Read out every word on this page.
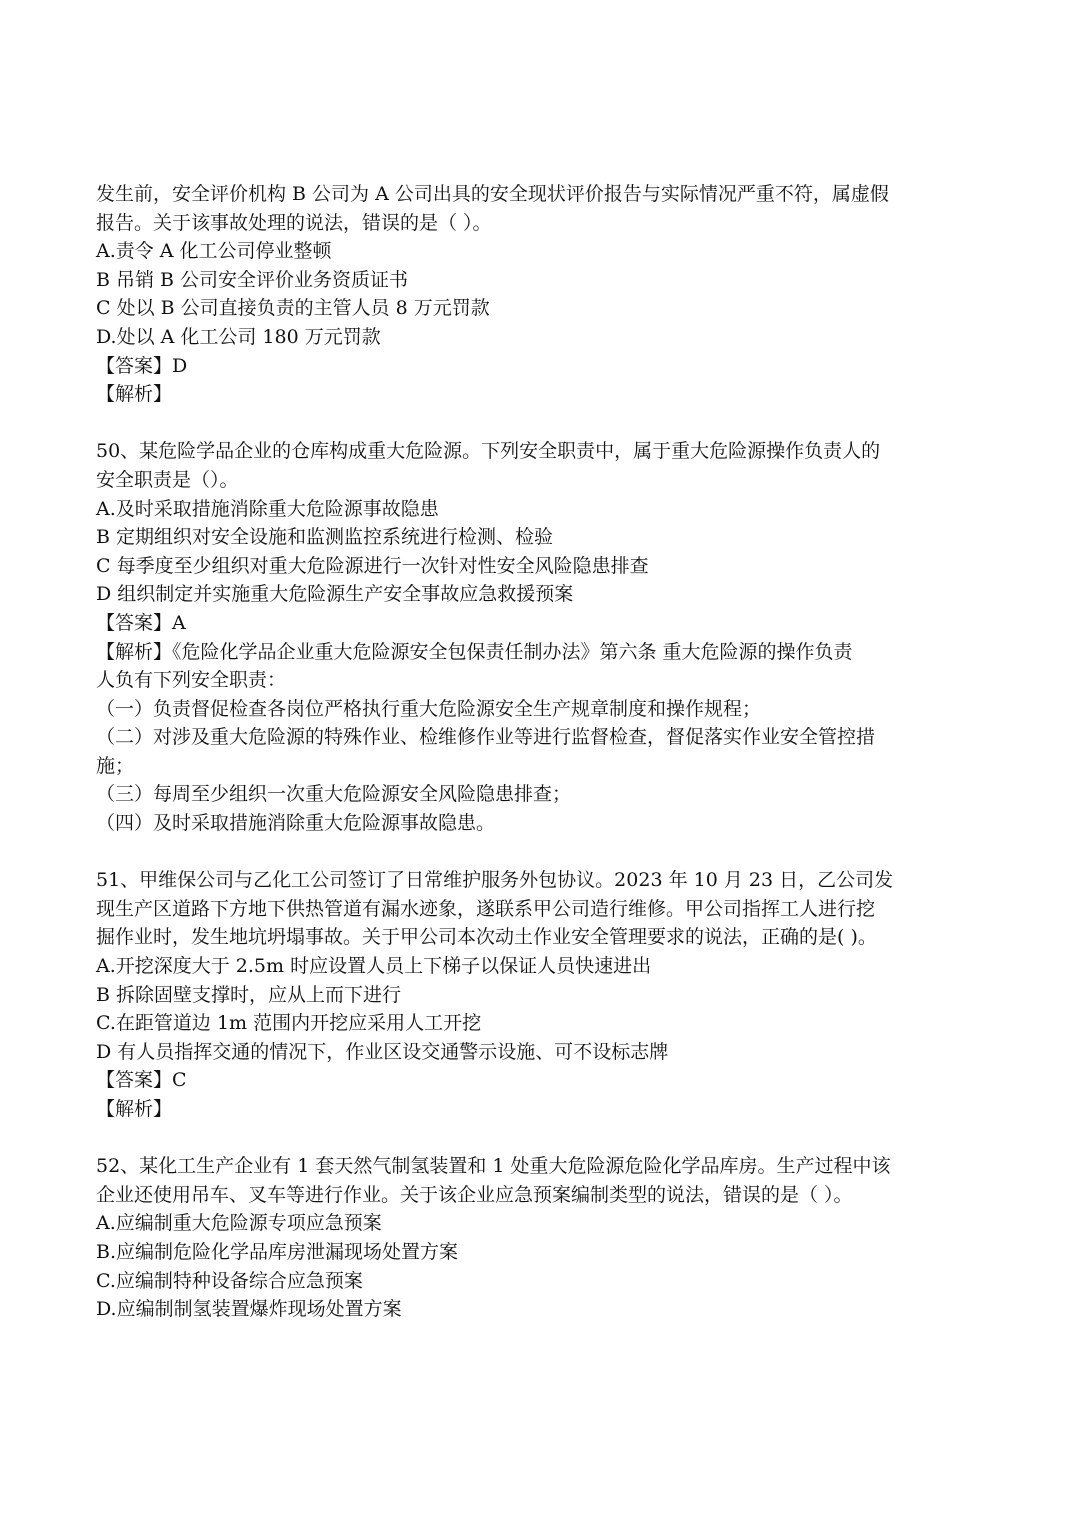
发生前，安全评价机构 B 公司为 A 公司出具的安全现状评价报告与实际情况严重不符，属虚假
报告。关于该事故处理的说法，错误的是（ ）。
A.责令 A 化工公司停业整顿
B 吊销 B 公司安全评价业务资质证书
C 处以 B 公司直接负责的主管人员 8 万元罚款
D.处以 A 化工公司 180 万元罚款
【答案】D
【解析】
50、某危险学品企业的仓库构成重大危险源。下列安全职责中，属于重大危险源操作负责人的
安全职责是（）。
A.及时采取措施消除重大危险源事故隐患
B 定期组织对安全设施和监测监控系统进行检测、检验
C 每季度至少组织对重大危险源进行一次针对性安全风险隐患排查
D 组织制定并实施重大危险源生产安全事故应急救援预案
【答案】A
【解析】《危险化学品企业重大危险源安全包保责任制办法》第六条 重大危险源的操作负责
人负有下列安全职责：
（一）负责督促检查各岗位严格执行重大危险源安全生产规章制度和操作规程；
（二）对涉及重大危险源的特殊作业、检维修作业等进行监督检查，督促落实作业安全管控措
施；
（三）每周至少组织一次重大危险源安全风险隐患排查；
（四）及时采取措施消除重大危险源事故隐患。
51、甲维保公司与乙化工公司签订了日常维护服务外包协议。2023 年 10 月 23 日，乙公司发
现生产区道路下方地下供热管道有漏水迹象，遂联系甲公司造行维修。甲公司指挥工人进行挖
掘作业时，发生地坑坍塌事故。关于甲公司本次动土作业安全管理要求的说法，正确的是( )。
A.开挖深度大于 2.5m 时应设置人员上下梯子以保证人员快速进出
B 拆除固壁支撑时，应从上而下进行
C.在距管道边 1m 范围内开挖应采用人工开挖
D 有人员指挥交通的情况下，作业区设交通警示设施、可不设标志牌
【答案】C
【解析】
52、某化工生产企业有 1 套天然气制氢装置和 1 处重大危险源危险化学品库房。生产过程中该
企业还使用吊车、叉车等进行作业。关于该企业应急预案编制类型的说法，错误的是（ ）。
A.应编制重大危险源专项应急预案
B.应编制危险化学品库房泄漏现场处置方案
C.应编制特种设备综合应急预案
D.应编制制氢装置爆炸现场处置方案
